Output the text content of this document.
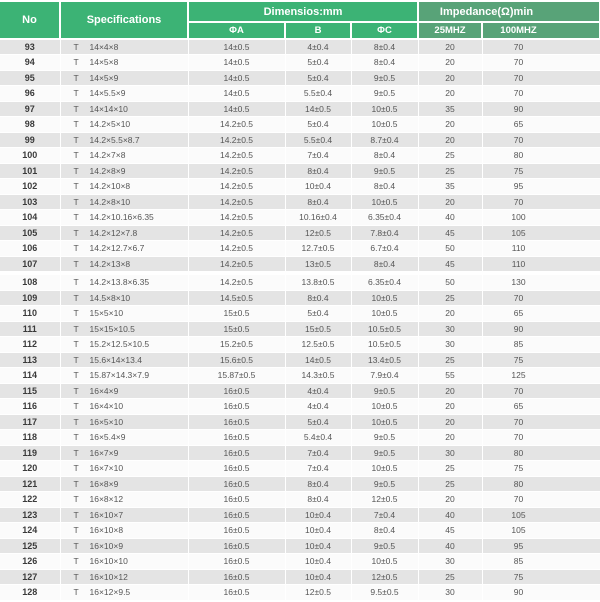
No	Specifications	Dimensios:mm			Impedance(Ω)min	
		ΦA	B	ΦC	25MHZ	100MHZ
93	T 14×4×8	14±0.5	4±0.4	8±0.4	20	70
94	T 14×5×8	14±0.5	5±0.4	8±0.4	20	70
95	T 14×5×9	14±0.5	5±0.4	9±0.5	20	70
96	T 14×5.5×9	14±0.5	5.5±0.4	9±0.5	20	70
97	T 14×14×10	14±0.5	14±0.5	10±0.5	35	90
98	T 14.2×5×10	14.2±0.5	5±0.4	10±0.5	20	65
99	T 14.2×5.5×8.7	14.2±0.5	5.5±0.4	8.7±0.4	20	70
100	T 14.2×7×8	14.2±0.5	7±0.4	8±0.4	25	80
101	T 14.2×8×9	14.2±0.5	8±0.4	9±0.5	25	75
102	T 14.2×10×8	14.2±0.5	10±0.4	8±0.4	35	95
103	T 14.2×8×10	14.2±0.5	8±0.4	10±0.5	20	70
104	T 14.2×10.16×6.35	14.2±0.5	10.16±0.4	6.35±0.4	40	100
105	T 14.2×12×7.8	14.2±0.5	12±0.5	7.8±0.4	45	105
106	T 14.2×12.7×6.7	14.2±0.5	12.7±0.5	6.7±0.4	50	110
107	T 14.2×13×8	14.2±0.5	13±0.5	8±0.4	45	110

108	T 14.2×13.8×6.35	14.2±0.5	13.8±0.5	6.35±0.4	50	130
109	T 14.5×8×10	14.5±0.5	8±0.4	10±0.5	25	70
110	T 15×5×10	15±0.5	5±0.4	10±0.5	20	65
111	T 15×15×10.5	15±0.5	15±0.5	10.5±0.5	30	90
112	T 15.2×12.5×10.5	15.2±0.5	12.5±0.5	10.5±0.5	30	85
113	T 15.6×14×13.4	15.6±0.5	14±0.5	13.4±0.5	25	75
114	T 15.87×14.3×7.9	15.87±0.5	14.3±0.5	7.9±0.4	55	125
115	T 16×4×9	16±0.5	4±0.4	9±0.5	20	70
116	T 16×4×10	16±0.5	4±0.4	10±0.5	20	65
117	T 16×5×10	16±0.5	5±0.4	10±0.5	20	70
118	T 16×5.4×9	16±0.5	5.4±0.4	9±0.5	20	70
119	T 16×7×9	16±0.5	7±0.4	9±0.5	30	80
120	T 16×7×10	16±0.5	7±0.4	10±0.5	25	75
121	T 16×8×9	16±0.5	8±0.4	9±0.5	25	80
122	T 16×8×12	16±0.5	8±0.4	12±0.5	20	70
123	T 16×10×7	16±0.5	10±0.4	7±0.4	40	105
124	T 16×10×8	16±0.5	10±0.4	8±0.4	45	105
125	T 16×10×9	16±0.5	10±0.4	9±0.5	40	95
126	T 16×10×10	16±0.5	10±0.4	10±0.5	30	85
127	T 16×10×12	16±0.5	10±0.4	12±0.5	25	75
128	T 16×12×9.5	16±0.5	12±0.5	9.5±0.5	30	90
